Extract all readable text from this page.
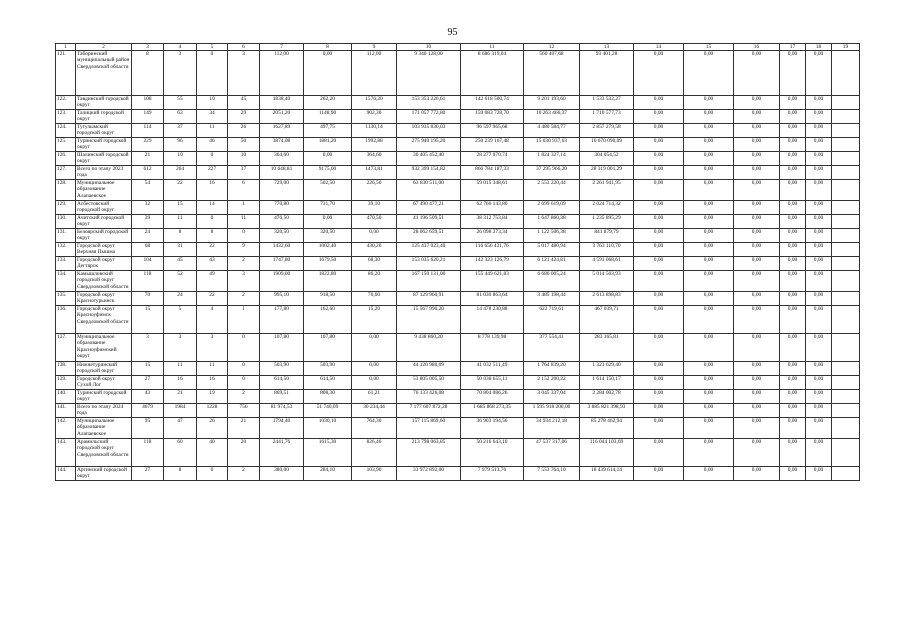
95
1	2	3	4	5	6	7	8	9	10	11	12	13	14	15	16	17	18	19
121.	Таборинский муниципальный район Свердловской области	8	3	0	3	112,00	0,00	112,00	9 340 128,00	8 686 319,04	560 407,68	93 401,28	0,00	0,00	0,00	0,00	0,00	
122.	Тавдинский городской округ	108	55	10	45	1838,40	262,20	1576,20	153 353 226,61	142 618 500,74	9 201 193,60	1 533 532,27	0,00	0,00	0,00	0,00	0,00	
123.	Талицкий городской округ	149	63	34	29	2051,20	1148,90	902,30	171 057 772,80	159 083 728,70	10 263 466,37	1 710 577,73	0,00	0,00	0,00	0,00	0,00	
124.	Тугулымский городской округ	114	37	11	26	1627,89	497,75	1130,14	103 935 830,03	96 597 965,68	4 480 584,77	2 857 279,58	0,00	0,00	0,00	0,00	0,00	
125.	Туринский городской округ	229	96	46	50	3874,08	1881,20	1992,88	275 940 195,20	250 239 167,48	15 030 937,63	10 670 090,09	0,00	0,00	0,00	0,00	0,00	
126.	Шалинский городской округ	21	10	0	10	364,60	0,00	364,60	30 405 452,40	28 277 070,74	1 824 327,14	304 054,52	0,00	0,00	0,00	0,00	0,00	
127.	Всего по этапу 2023 года	612	264	227	37	10 648,81	9175,00	1473,81	932 399 154,82	866 784 187,33	37 295 966,20	28 319 001,29	0,00	0,00	0,00	0,00	0,00	
128.	Муниципальное образование Алапаевское	54	22	16	6	729,00	502,50	226,50	63 830 511,00	59 015 348,61	2 553 220,44	2 261 941,95	0,00	0,00	0,00	0,00	0,00	
129.	Асбестовский городской округ	32	15	14	1	770,80	731,70	39,10	67 490 477,21	62 766 143,80	2 699 619,09	2 024 714,32	0,00	0,00	0,00	0,00	0,00	
130.	Ачитский городской округ	39	11	0	11	470,50	0,00	470,50	41 196 509,51	38 312 753,84	1 647 860,38	1 235 895,29	0,00	0,00	0,00	0,00	0,00	
131.	Белоярский городской округ	24	8	8	0	320,50	320,50	0,00	28 062 659,51	26 098 273,34	1 122 506,38	841 879,79	0,00	0,00	0,00	0,00	0,00	
132.	Городской округ Верхняя Пышма	68	31	22	9	1432,60	1002,40	430,20	125 437 023,40	116 656 431,76	5 017 480,94	3 763 110,70	0,00	0,00	0,00	0,00	0,00	
133.	Городской округ Дегтярск	104	45	43	2	1747,80	1679,50	68,30	153 035 620,21	142 323 126,79	6 121 424,81	4 591 068,61	0,00	0,00	0,00	0,00	0,00	
134.	Камышловский городской округ Свердловской области	118	52	49	3	1909,00	1822,80	86,20	167 150 131,00	155 449 621,83	6 686 005,24	5 014 503,93	0,00	0,00	0,00	0,00	0,00	
135.	Городской округ Краснотурьинск	70	24	22	2	995,10	918,50	76,60	87 129 960,91	81 030 863,64	3 485 198,44	2 613 898,83	0,00	0,00	0,00	0,00	0,00	
136.	Городской округ Красноуфимск Свердловской области	15	5	4	1	177,80	162,60	15,20	15 567 990,20	14 478 230,88	622 719,61	467 039,71	0,00	0,00	0,00	0,00	0,00	
137.	Муниципальное образование Красноуфимский округ	3	3	3	0	107,80	107,80	0,00	9 438 860,20	8 778 139,98	377 554,41	283 165,81	0,00	0,00	0,00	0,00	0,00	
138.	Нижнетуринский городской округ	15	11	11	0	503,90	503,90	0,00	44 120 980,09	41 032 511,49	1 764 839,20	1 323 629,40	0,00	0,00	0,00	0,00	0,00	
139.	Городской округ Сухой Лог	27	16	16	0	614,50	614,50	0,00	53 805 005,50	50 038 655,11	2 152 200,22	1 614 150,17	0,00	0,00	0,00	0,00	0,00	
140.	Туринский городской округ	43	21	19	2	869,51	808,30	61,21	76 133 426,08	70 804 086,26	3 045 337,04	2 284 002,78	0,00	0,00	0,00	0,00	0,00	
141.	Всего по этапу 2024 года	4679	1984	1228	756	81 974,53	51 740,09	30 234,44	7 177 607 872,28	1 685 868 273,35	1 595 918 200,00	3 885 821 398,93	0,00	0,00	0,00	0,00	0,00	
142.	Муниципальное образование Алапаевское	95	47	26	21	1794,40	1030,10	764,30	157 115 869,60	36 903 194,56	34 934 212,18	85 278 462,94	0,00	0,00	0,00	0,00	0,00	
143.	Арамильский городской округ Свердловской области	118	60	40	20	2441,76	1615,30	826,46	213 798 063,85	50 216 643,10	47 537 317,06	116 044 103,69	0,00	0,00	0,00	0,00	0,00	
144.	Артинский городской округ	27	8	6	2	380,00	284,10	103,90	33 972 892,00	7 979 513,76	7 553 764,10	18 439 614,14	0,00	0,00	0,00	0,00	0,00	
